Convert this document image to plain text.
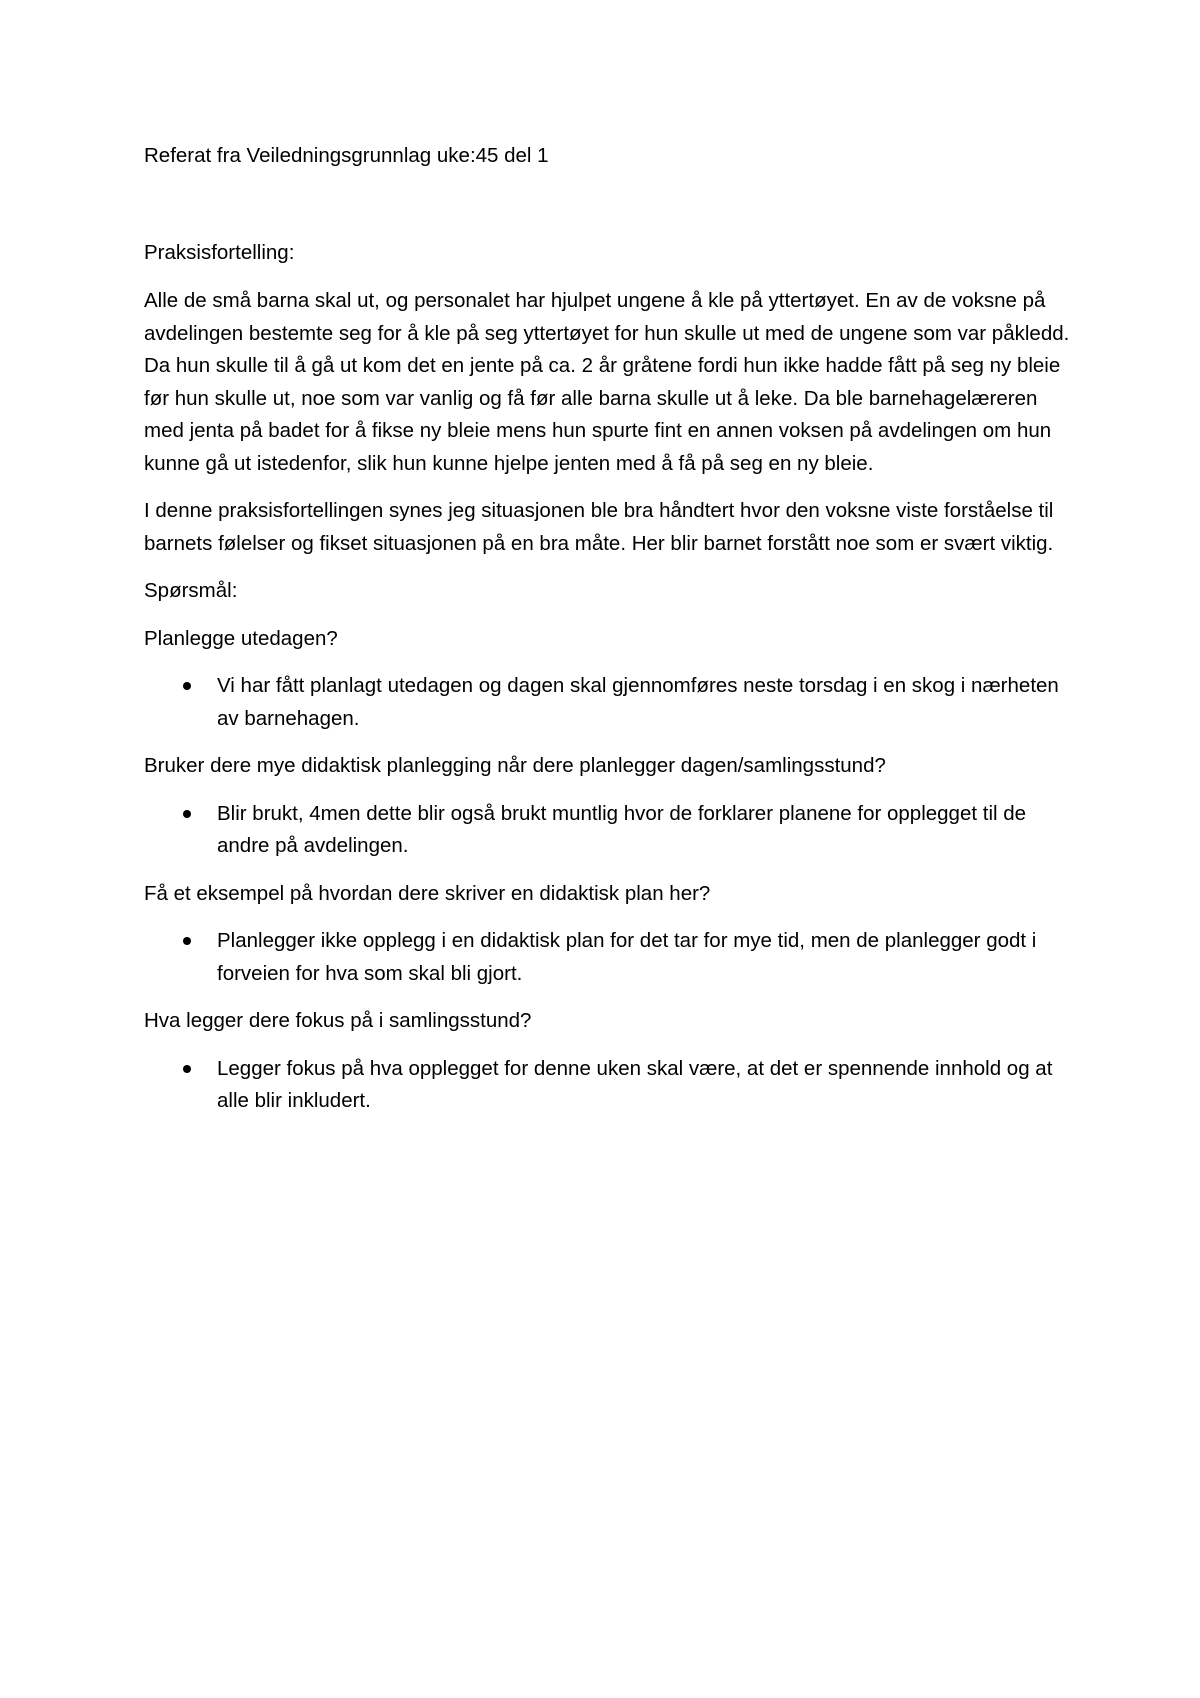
Referat fra Veiledningsgrunnlag uke:45 del 1

Praksisfortelling:

Alle de små barna skal ut, og personalet har hjulpet ungene å kle på yttertøyet. En av de voksne på avdelingen bestemte seg for å kle på seg yttertøyet for hun skulle ut med de ungene som var påkledd. Da hun skulle til å gå ut kom det en jente på ca. 2 år gråtene fordi hun ikke hadde fått på seg ny bleie før hun skulle ut, noe som var vanlig og få før alle barna skulle ut å leke. Da ble barnehagelæreren med jenta på badet for å fikse ny bleie mens hun spurte fint en annen voksen på avdelingen om hun kunne gå ut istedenfor, slik hun kunne hjelpe jenten med å få på seg en ny bleie.

I denne praksisfortellingen synes jeg situasjonen ble bra håndtert hvor den voksne viste forståelse til barnets følelser og fikset situasjonen på en bra måte. Her blir barnet forstått noe som er svært viktig.

Spørsmål:

Planlegge utedagen?

Vi har fått planlagt utedagen og dagen skal gjennomføres neste torsdag i en skog i nærheten av barnehagen.

Bruker dere mye didaktisk planlegging når dere planlegger dagen/samlingsstund?

Blir brukt, 4men dette blir også brukt muntlig hvor de forklarer planene for opplegget til de andre på avdelingen.

Få et eksempel på hvordan dere skriver en didaktisk plan her?

Planlegger ikke opplegg i en didaktisk plan for det tar for mye tid, men de planlegger godt i forveien for hva som skal bli gjort.

Hva legger dere fokus på i samlingsstund?

Legger fokus på hva opplegget for denne uken skal være, at det er spennende innhold og at alle blir inkludert.
